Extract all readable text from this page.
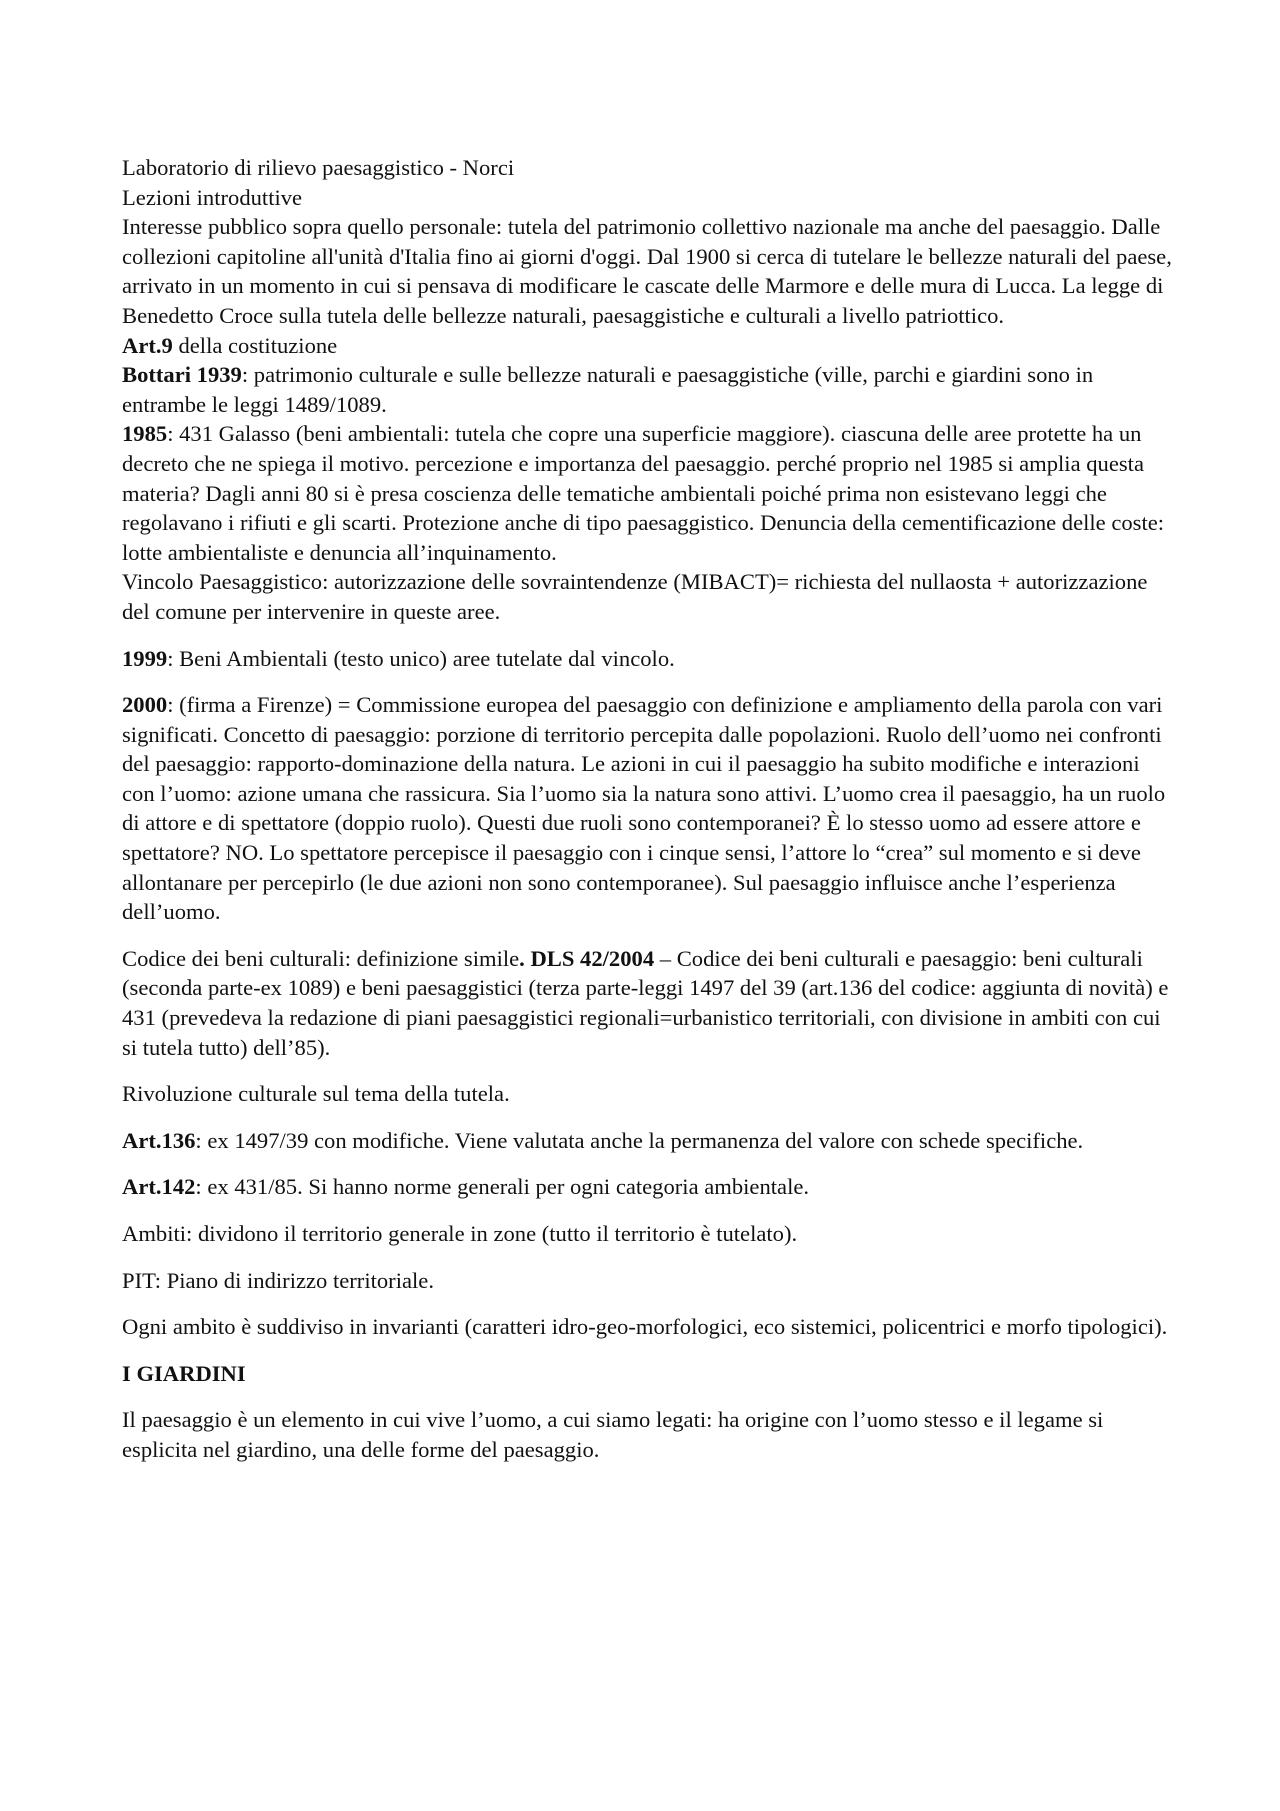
Laboratorio di rilievo paesaggistico - Norci

Lezioni introduttive

Interesse pubblico sopra quello personale: tutela del patrimonio collettivo nazionale ma anche del paesaggio. Dalle collezioni capitoline all'unità d'Italia fino ai giorni d'oggi. Dal 1900 si cerca di tutelare le bellezze naturali del paese, arrivato in un momento in cui si pensava di modificare le cascate delle Marmore e delle mura di Lucca. La legge di Benedetto Croce sulla tutela delle bellezze naturali, paesaggistiche e culturali a livello patriottico.

Art.9 della costituzione

Bottari 1939: patrimonio culturale e sulle bellezze naturali e paesaggistiche (ville, parchi e giardini sono in entrambe le leggi 1489/1089.

1985: 431 Galasso (beni ambientali: tutela che copre una superficie maggiore). ciascuna delle aree protette ha un decreto che ne spiega il motivo. percezione e importanza del paesaggio. perché proprio nel 1985 si amplia questa materia? Dagli anni 80 si è presa coscienza delle tematiche ambientali poiché prima non esistevano leggi che regolavano i rifiuti e gli scarti. Protezione anche di tipo paesaggistico. Denuncia della cementificazione delle coste: lotte ambientaliste e denuncia all’inquinamento.

Vincolo Paesaggistico: autorizzazione delle sovraintendenze (MIBACT)= richiesta del nullaosta + autorizzazione del comune per intervenire in queste aree.

1999: Beni Ambientali (testo unico) aree tutelate dal vincolo.

2000: (firma a Firenze) = Commissione europea del paesaggio con definizione e ampliamento della parola con vari significati. Concetto di paesaggio: porzione di territorio percepita dalle popolazioni. Ruolo dell’uomo nei confronti del paesaggio: rapporto-dominazione della natura. Le azioni in cui il paesaggio ha subito modifiche e interazioni con l’uomo: azione umana che rassicura. Sia l’uomo sia la natura sono attivi. L’uomo crea il paesaggio, ha un ruolo di attore e di spettatore (doppio ruolo). Questi due ruoli sono contemporanei? È lo stesso uomo ad essere attore e spettatore? NO. Lo spettatore percepisce il paesaggio con i cinque sensi, l’attore lo “crea” sul momento e si deve allontanare per percepirlo (le due azioni non sono contemporanee). Sul paesaggio influisce anche l’esperienza dell’uomo.

Codice dei beni culturali: definizione simile. DLS 42/2004 – Codice dei beni culturali e paesaggio: beni culturali (seconda parte-ex 1089) e beni paesaggistici (terza parte-leggi 1497 del 39 (art.136 del codice: aggiunta di novità) e 431 (prevedeva la redazione di piani paesaggistici regionali=urbanistico territoriali, con divisione in ambiti con cui si tutela tutto) dell’85).

Rivoluzione culturale sul tema della tutela.

Art.136: ex 1497/39 con modifiche. Viene valutata anche la permanenza del valore con schede specifiche.

Art.142: ex 431/85. Si hanno norme generali per ogni categoria ambientale.

Ambiti: dividono il territorio generale in zone (tutto il territorio è tutelato).

PIT: Piano di indirizzo territoriale.

Ogni ambito è suddiviso in invarianti (caratteri idro-geo-morfologici, eco sistemici, policentrici e morfo tipologici).

I GIARDINI

Il paesaggio è un elemento in cui vive l’uomo, a cui siamo legati: ha origine con l’uomo stesso e il legame si esplicita nel giardino, una delle forme del paesaggio.
